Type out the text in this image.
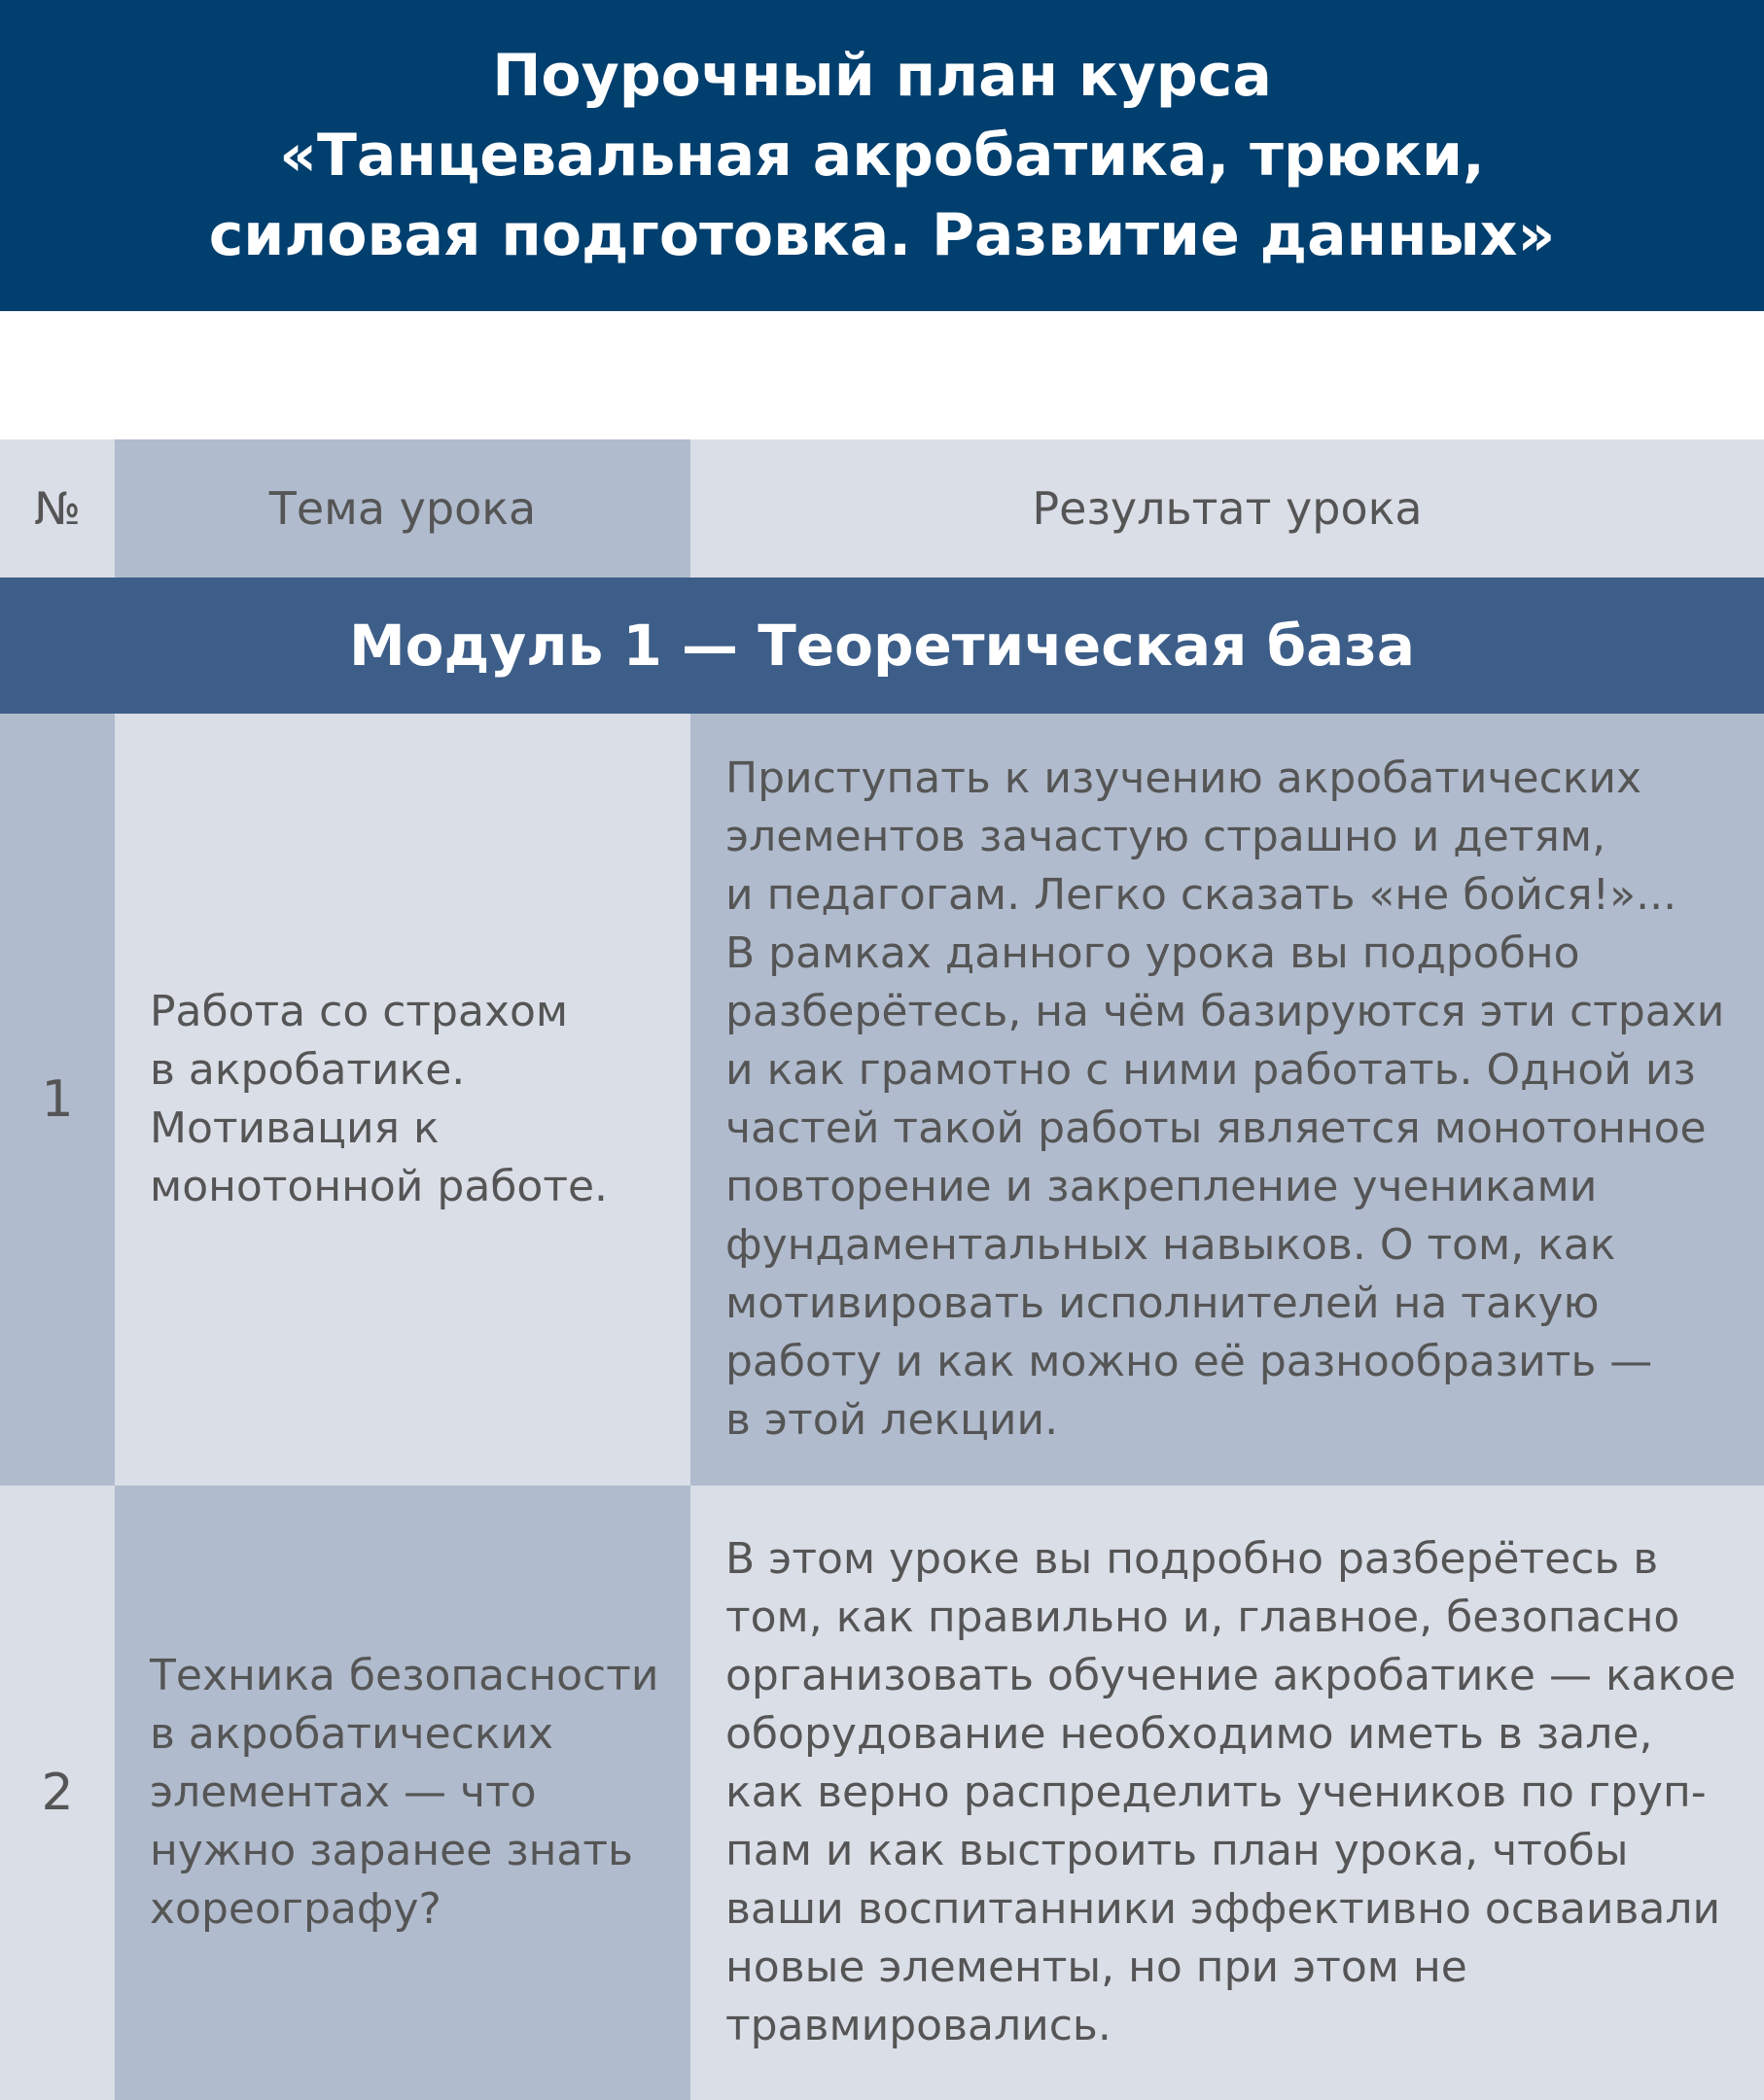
Поурочный план курса
«Танцевальная акробатика, трюки,
силовая подготовка. Развитие данных»
№	Тема урока	Результат урока
Модуль 1 — Теоретическая база
1
Работа со страхом
в акробатике.
Мотивация к
монотонной работе.
Приступать к изучению акробатических
элементов зачастую страшно и детям,
и педагогам. Легко сказать «не бойся!»...
В рамках данного урока вы подробно
разберётесь, на чём базируются эти страхи
и как грамотно с ними работать. Одной из
частей такой работы является монотонное
повторение и закрепление учениками
фундаментальных навыков. О том, как
мотивировать исполнителей на такую
работу и как можно её разнообразить —
в этой лекции.
2
Техника безопасности
в акробатических
элементах — что
нужно заранее знать
хореографу?
В этом уроке вы подробно разберётесь в
том, как правильно и, главное, безопасно
организовать обучение акробатике — какое
оборудование необходимо иметь в зале,
как верно распределить учеников по груп-
пам и как выстроить план урока, чтобы
ваши воспитанники эффективно осваивали
новые элементы, но при этом не
травмировались.
